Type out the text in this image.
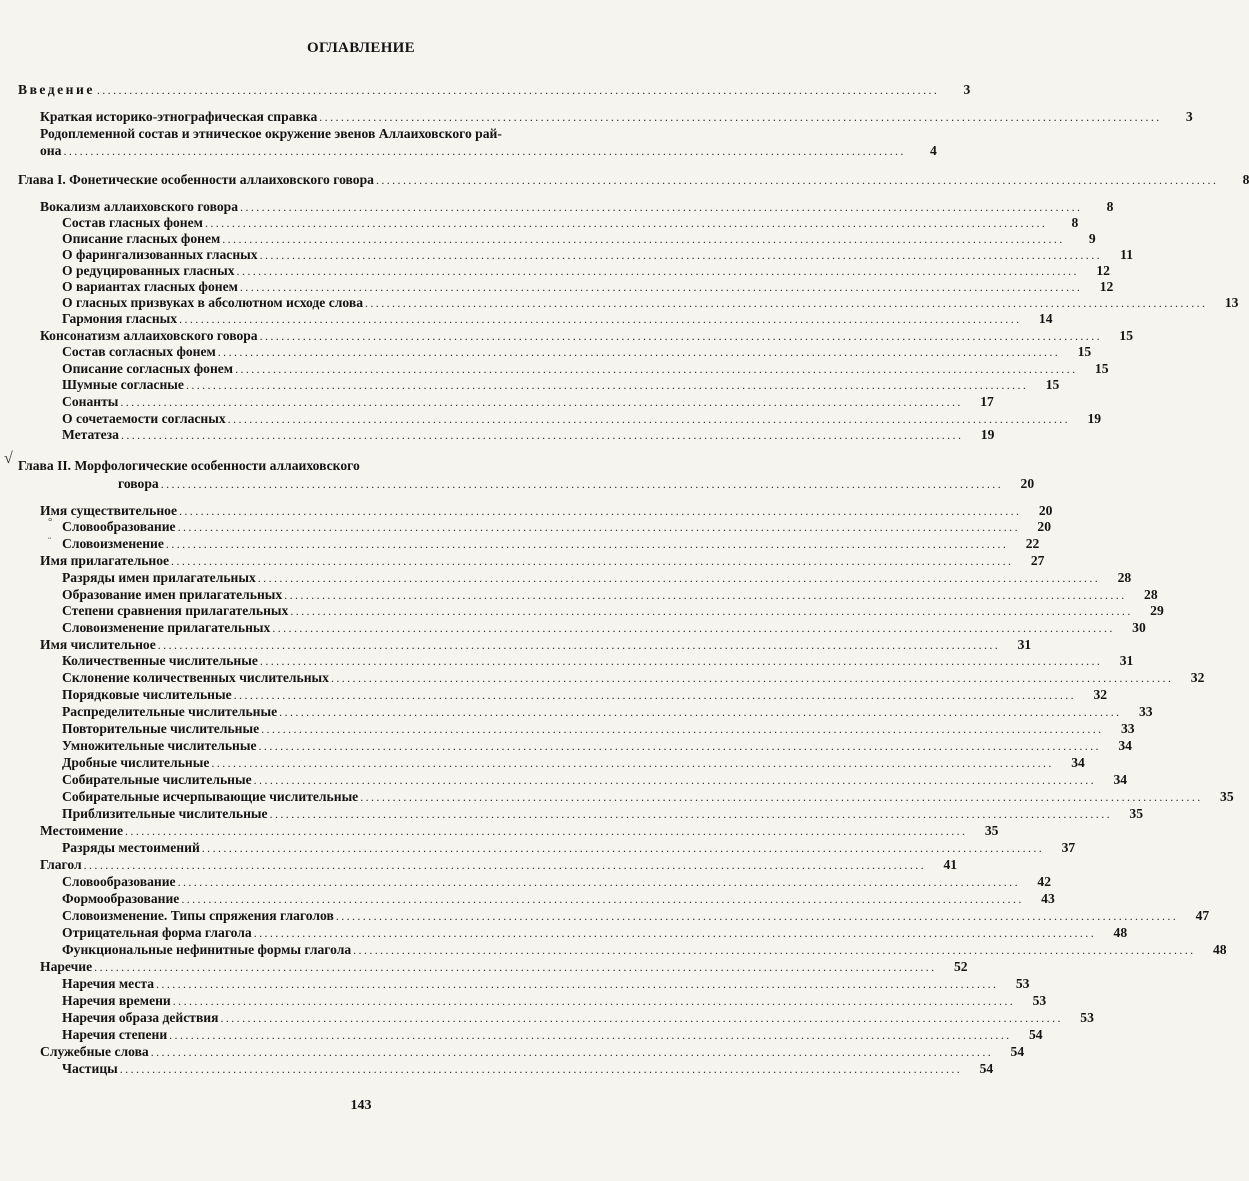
ОГЛАВЛЕНИЕ
Введение ............................................................................................................................................................	3
Краткая историко-этнографическая справка ............................................................................................................................................................	3
Родоплеменной состав и этническое окружение эвенов Аллаиховского рай-
она ............................................................................................................................................................	4
Глава I. Фонетические особенности аллаиховского говора ............................................................................................................................................................	8
Вокализм аллаиховского говора ............................................................................................................................................................	8
Состав гласных фонем ............................................................................................................................................................	8
Описание гласных фонем ............................................................................................................................................................	9
О фарингализованных гласных ............................................................................................................................................................	11
О редуцированных гласных ............................................................................................................................................................	12
О вариантах гласных фонем ............................................................................................................................................................	12
О гласных призвуках в абсолютном исходе слова ............................................................................................................................................................	13
Гармония гласных ............................................................................................................................................................	14
Консонатизм аллаиховского говора ............................................................................................................................................................	15
Состав согласных фонем ............................................................................................................................................................	15
Описание согласных фонем ............................................................................................................................................................	15
Шумные согласные ............................................................................................................................................................	15
Сонанты ............................................................................................................................................................	17
О сочетаемости согласных ............................................................................................................................................................	19
Метатеза ............................................................................................................................................................	19
√ Глава II. Морфологические особенности аллаиховского
говора ............................................................................................................................................................	20
Имя существительное ............................................................................................................................................................	20
° Словообразование ............................................................................................................................................................	20
ᵕ Словоизменение ............................................................................................................................................................	22
Имя прилагательное ............................................................................................................................................................	27
Разряды имен прилагательных ............................................................................................................................................................	28
Образование имен прилагательных ............................................................................................................................................................	28
Степени сравнения прилагательных ............................................................................................................................................................	29
Словоизменение прилагательных ............................................................................................................................................................	30
Имя числительное ............................................................................................................................................................	31
Количественные числительные ............................................................................................................................................................	31
Склонение количественных числительных ............................................................................................................................................................	32
Порядковые числительные ............................................................................................................................................................	32
Распределительные числительные ............................................................................................................................................................	33
Повторительные числительные ............................................................................................................................................................	33
Умножительные числительные ............................................................................................................................................................	34
Дробные числительные ............................................................................................................................................................	34
Собирательные числительные ............................................................................................................................................................	34
Собирательные исчерпывающие числительные ............................................................................................................................................................	35
Приблизительные числительные ............................................................................................................................................................	35
Местоимение ............................................................................................................................................................	35
Разряды местоимений ............................................................................................................................................................	37
Глагол ............................................................................................................................................................	41
Словообразование ............................................................................................................................................................	42
Формообразование ............................................................................................................................................................	43
Словоизменение. Типы спряжения глаголов ............................................................................................................................................................	47
Отрицательная форма глагола ............................................................................................................................................................	48
Функциональные нефинитные формы глагола ............................................................................................................................................................	48
Наречие ............................................................................................................................................................	52
Наречия места ............................................................................................................................................................	53
Наречия времени ............................................................................................................................................................	53
Наречия образа действия ............................................................................................................................................................	53
Наречия степени ............................................................................................................................................................	54
Служебные слова ............................................................................................................................................................	54
Частицы ............................................................................................................................................................	54
143
